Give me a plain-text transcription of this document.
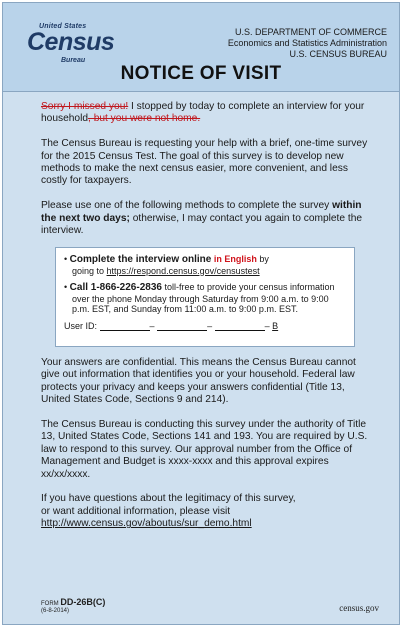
United States
Census
Bureau
U.S. DEPARTMENT OF COMMERCE
Economics and Statistics Administration
U.S. CENSUS BUREAU
NOTICE OF VISIT

Sorry I missed you! I stopped by today to complete an interview for your household, but you were not home.

The Census Bureau is requesting your help with a brief, one-time survey for the 2015 Census Test. The goal of this survey is to develop new methods to make the next census easier, more convenient, and less costly for taxpayers.

Please use one of the following methods to complete the survey within the next two days; otherwise, I may contact you again to complete the interview.

• Complete the interview online in English by
going to https://respond.census.gov/censustest
• Call 1-866-226-2836 toll-free to provide your census information over the phone Monday through Saturday from 9:00 a.m. to 9:00 p.m. EST, and Sunday from 11:00 a.m. to 9:00 p.m. EST.
User ID:	–	–	– B

Your answers are confidential. This means the Census Bureau cannot give out information that identifies you or your household. Federal law protects your privacy and keeps your answers confidential (Title 13, United States Code, Sections 9 and 214).

The Census Bureau is conducting this survey under the authority of Title 13, United States Code, Sections 141 and 193. You are required by U.S. law to respond to this survey. Our approval number from the Office of Management and Budget is xxxx-xxxx and this approval expires xx/xx/xxxx.

If you have questions about the legitimacy of this survey,
or want additional information, please visit
http://www.census.gov/aboutus/sur_demo.html

FORM DD-26B(C)
(6-8-2014)	census.gov
